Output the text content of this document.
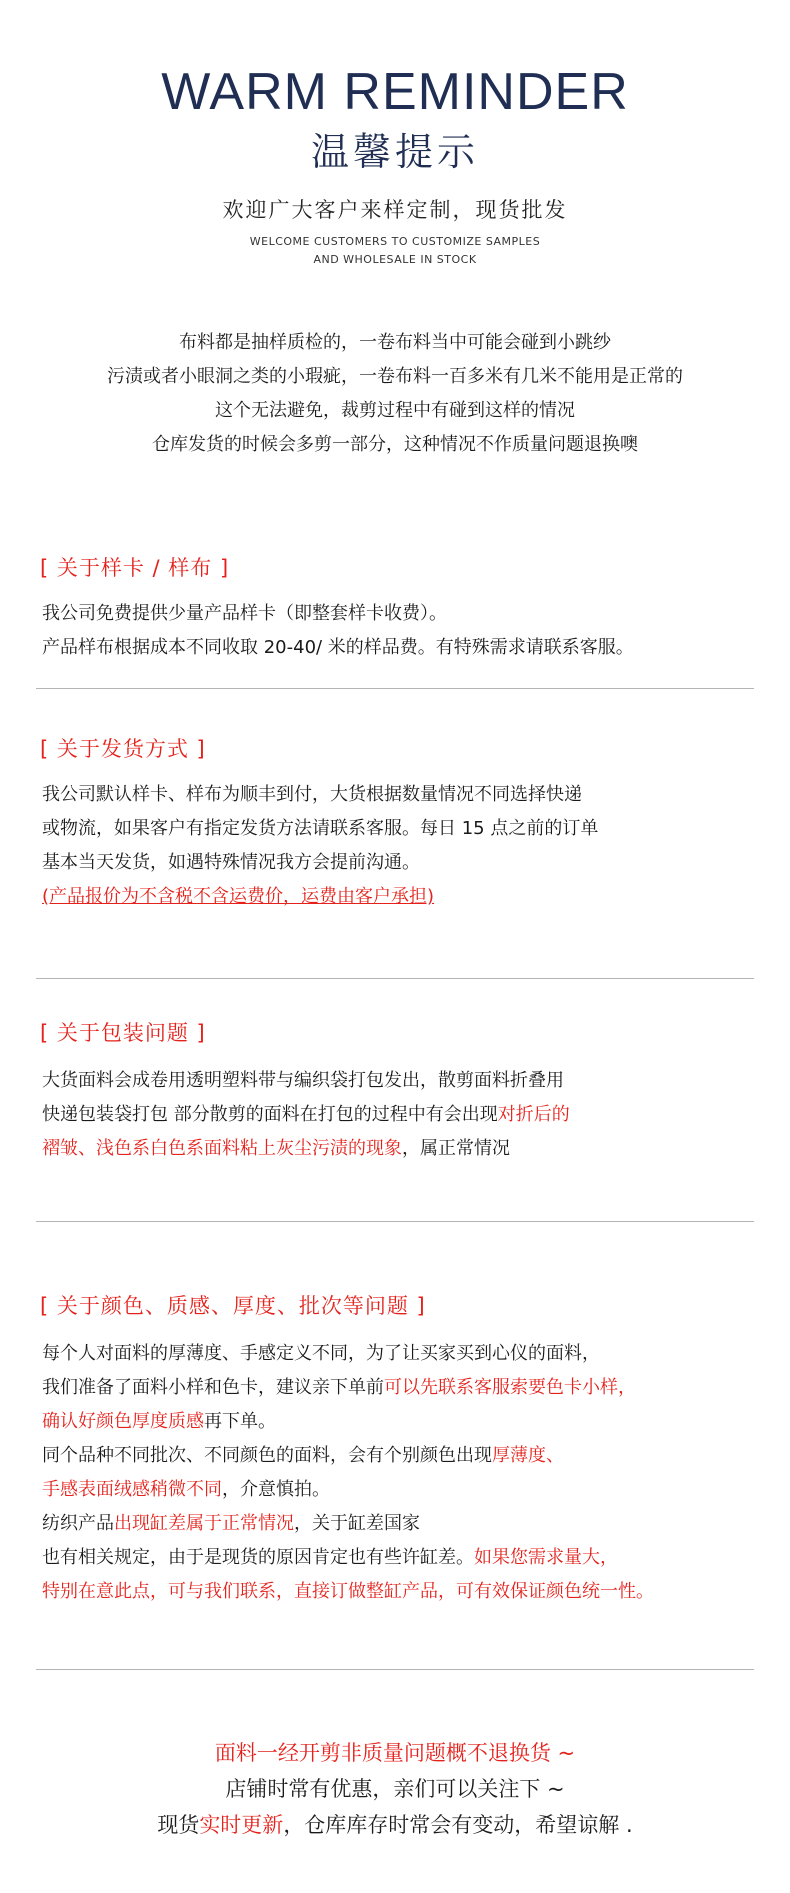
WARM REMINDER
温馨提示
欢迎广大客户来样定制，现货批发
WELCOME CUSTOMERS TO CUSTOMIZE SAMPLES
AND WHOLESALE IN STOCK
布料都是抽样质检的，一卷布料当中可能会碰到小跳纱
污渍或者小眼洞之类的小瑕疵，一卷布料一百多米有几米不能用是正常的
这个无法避免，裁剪过程中有碰到这样的情况
仓库发货的时候会多剪一部分，这种情况不作质量问题退换噢
[ 关于样卡 / 样布 ]
我公司免费提供少量产品样卡（即整套样卡收费）。
产品样布根据成本不同收取 20-40/ 米的样品费。有特殊需求请联系客服。
[ 关于发货方式 ]
我公司默认样卡、样布为顺丰到付，大货根据数量情况不同选择快递
或物流，如果客户有指定发货方法请联系客服。每日 15 点之前的订单
基本当天发货，如遇特殊情况我方会提前沟通。
(产品报价为不含税不含运费价，运费由客户承担)
[ 关于包装问题 ]
大货面料会成卷用透明塑料带与编织袋打包发出，散剪面料折叠用
快递包装袋打包 部分散剪的面料在打包的过程中有会出现对折后的
褶皱、浅色系白色系面料粘上灰尘污渍的现象，属正常情况
[ 关于颜色、质感、厚度、批次等问题 ]
每个人对面料的厚薄度、手感定义不同，为了让买家买到心仪的面料，
我们准备了面料小样和色卡，建议亲下单前可以先联系客服索要色卡小样，
确认好颜色厚度质感再下单。
同个品种不同批次、不同颜色的面料，会有个别颜色出现厚薄度、
手感表面绒感稍微不同，介意慎拍。
纺织产品出现缸差属于正常情况，关于缸差国家
也有相关规定，由于是现货的原因肯定也有些许缸差。如果您需求量大，
特别在意此点，可与我们联系，直接订做整缸产品，可有效保证颜色统一性。
面料一经开剪非质量问题概不退换货 ~
店铺时常有优惠，亲们可以关注下 ~
现货实时更新，仓库库存时常会有变动，希望谅解 .
